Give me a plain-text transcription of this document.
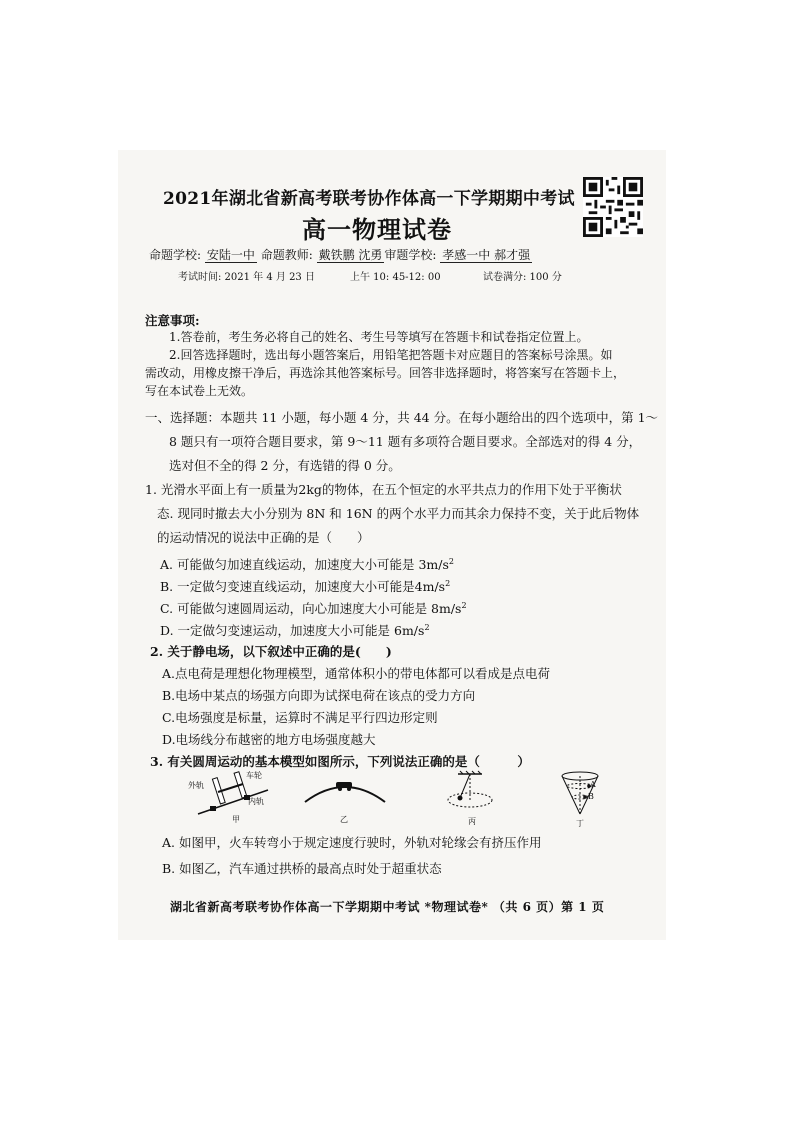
2021年湖北省新高考联考协作体高一下学期期中考试
高一物理试卷
命题学校: 安陆一中 命题教师: 戴铁鹏 沈勇 审题学校: 孝感一中 郝才强
考试时间: 2021 年 4 月 23 日	上午 10: 45-12: 00	试卷满分: 100 分
注意事项:
1.答卷前，考生务必将自己的姓名、考生号等填写在答题卡和试卷指定位置上。
2.回答选择题时，选出每小题答案后，用铅笔把答题卡对应题目的答案标号涂黑。如
需改动，用橡皮擦干净后，再选涂其他答案标号。回答非选择题时，将答案写在答题卡上，
写在本试卷上无效。
一、选择题：本题共 11 小题，每小题 4 分，共 44 分。在每小题给出的四个选项中，第 1～
8 题只有一项符合题目要求，第 9～11 题有多项符合题目要求。全部选对的得 4 分，
选对但不全的得 2 分，有选错的得 0 分。
1. 光滑水平面上有一质量为2kg的物体，在五个恒定的水平共点力的作用下处于平衡状
态. 现同时撤去大小分别为 8N 和 16N 的两个水平力而其余力保持不变，关于此后物体
的运动情况的说法中正确的是（　　）
A. 可能做匀加速直线运动，加速度大小可能是 $3m/s^2$
B. 一定做匀变速直线运动，加速度大小可能是$4m/s^2$
C. 可能做匀速圆周运动，向心加速度大小可能是 $8m/s^2$
D. 一定做匀变速运动，加速度大小可能是 $6m/s^2$
2. 关于静电场，以下叙述中正确的是(　　)
A.点电荷是理想化物理模型，通常体积小的带电体都可以看成是点电荷
B.电场中某点的场强方向即为试探电荷在该点的受力方向
C.电场强度是标量，运算时不满足平行四边形定则
D.电场线分布越密的地方电场强度越大
3. 有关圆周运动的基本模型如图所示，下列说法正确的是（　　　）
外轨
车轮
内轨
甲	乙	丙
A
B
丁
A. 如图甲，火车转弯小于规定速度行驶时，外轨对轮缘会有挤压作用
B. 如图乙，汽车通过拱桥的最高点时处于超重状态
湖北省新高考联考协作体高一下学期期中考试 *物理试卷* （共 6 页）第 1 页
